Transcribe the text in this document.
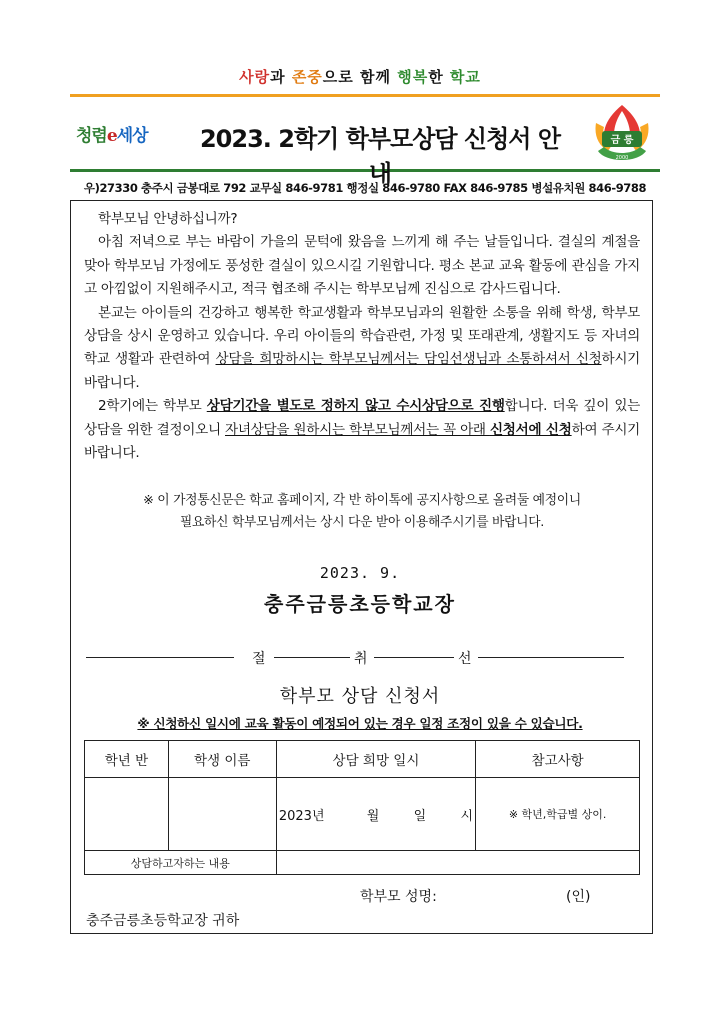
사랑과 존중으로 함께 행복한 학교
청렴e세상	2023. 2학기 학부모상담 신청서 안내
금 릉
2000
우)27330 충주시 금봉대로 792 교무실 846-9781 행정실 846-9780 FAX 846-9785 병설유치원 846-9788

학부모님 안녕하십니까?

아침 저녁으로 부는 바람이 가을의 문턱에 왔음을 느끼게 해 주는 날들입니다. 결실의 계절을 맞아 학부모님 가정에도 풍성한 결실이 있으시길 기원합니다. 평소 본교 교육 활동에 관심을 가지고 아낌없이 지원해주시고, 적극 협조해 주시는 학부모님께 진심으로 감사드립니다.

본교는 아이들의 건강하고 행복한 학교생활과 학부모님과의 원활한 소통을 위해 학생, 학부모 상담을 상시 운영하고 있습니다. 우리 아이들의 학습관련, 가정 및 또래관계, 생활지도 등 자녀의 학교 생활과 관련하여 상담을 희망하시는 학부모님께서는 담임선생님과 소통하셔서 신청하시기 바랍니다.

2학기에는 학부모 상담기간을 별도로 정하지 않고 수시상담으로 진행합니다. 더욱 깊이 있는 상담을 위한 결정이오니 자녀상담을 원하시는 학부모님께서는 꼭 아래 신청서에 신청하여 주시기 바랍니다.

※ 이 가정통신문은 학교 홈페이지, 각 반 하이톡에 공지사항으로 올려둘 예정이니
필요하신 학부모님께서는 상시 다운 받아 이용해주시기를 바랍니다.
2023. 9.
충주금릉초등학교장
절	취	선
학부모 상담 신청서
※ 신청하신 일시에 교육 활동이 예정되어 있는 경우 일정 조정이 있을 수 있습니다.
학년 반	학생 이름	상담 희망 일시	참고사항

		2023년 월 일 시	※ 학년,학급별 상이.
상담하고자하는 내용			
학부모 성명:	(인)
충주금릉초등학교장 귀하
